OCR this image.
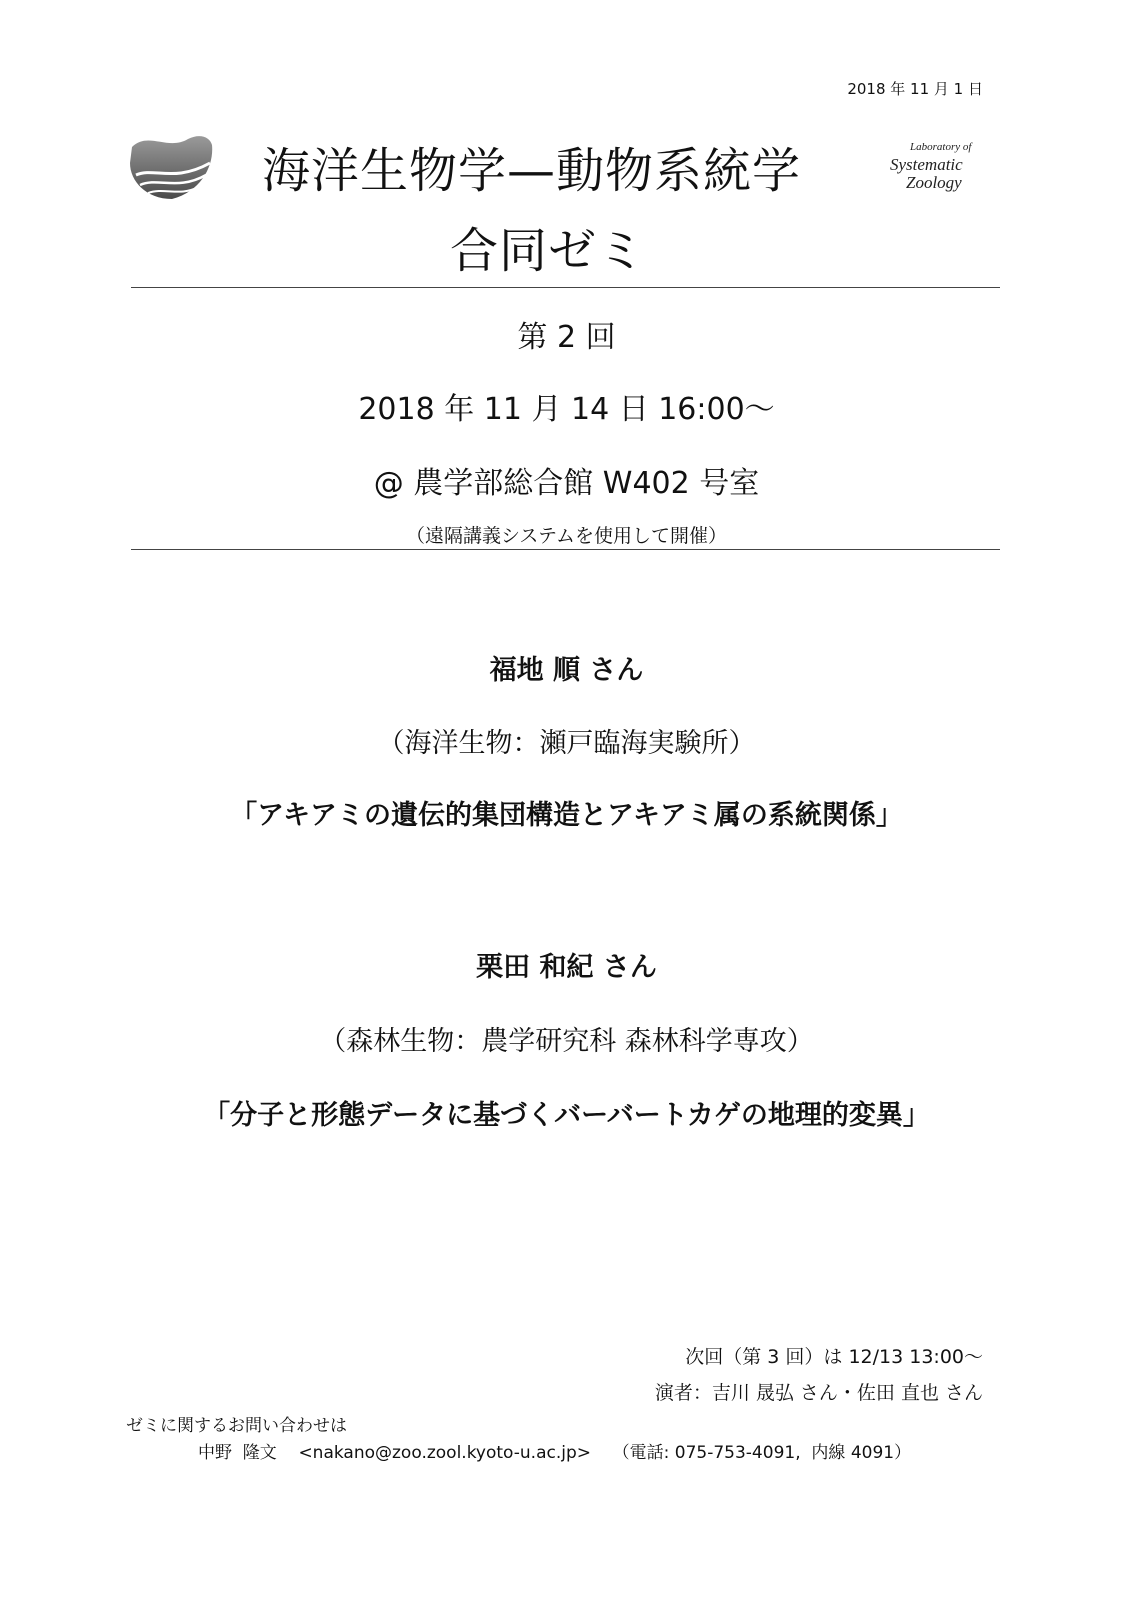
2018 年 11 月 1 日
海洋生物学—動物系統学
合同ゼミ
Laboratory of
Systematic
Zoology
第 2 回
2018 年 11 月 14 日 16:00〜
@ 農学部総合館 W402 号室
（遠隔講義システムを使用して開催）
福地 順 さん
（海洋生物：瀬戸臨海実験所）
「アキアミの遺伝的集団構造とアキアミ属の系統関係」
栗田 和紀 さん
（森林生物：農学研究科 森林科学専攻）
「分子と形態データに基づくバーバートカゲの地理的変異」
次回（第 3 回）は 12/13 13:00〜
演者：吉川 晟弘 さん・佐田 直也 さん
ゼミに関するお問い合わせは
中野  隆文 <nakano@zoo.zool.kyoto-u.ac.jp> （電話: 075-753-4091,  内線 4091）
